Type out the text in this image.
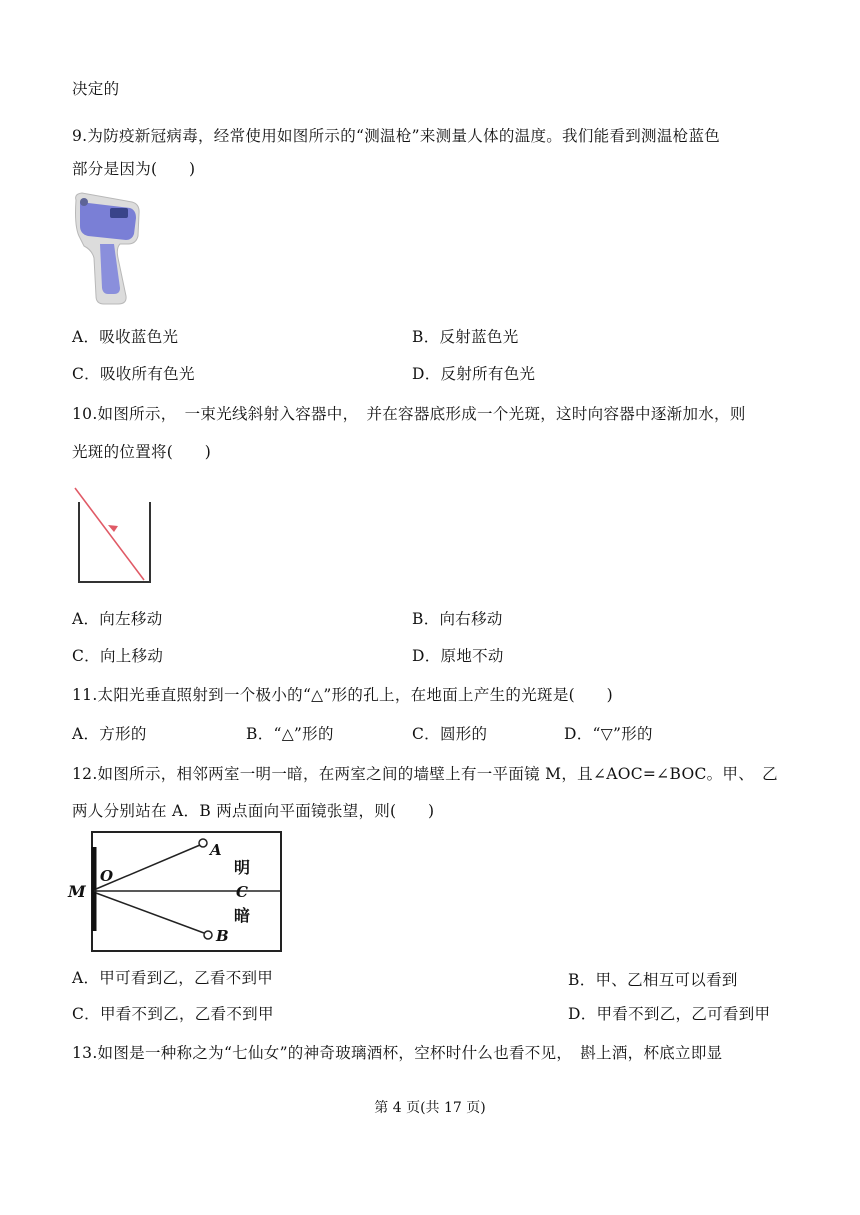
决定的
9.为防疫新冠病毒，经常使用如图所示的“测温枪”来测量人体的温度。我们能看到测温枪蓝色
部分是因为(　　)
A．吸收蓝色光	B．反射蓝色光
C．吸收所有色光	D．反射所有色光
10.如图所示，　一束光线斜射入容器中，　并在容器底形成一个光斑，这时向容器中逐渐加水，则
光斑的位置将(　　)
A．向左移动	B．向右移动
C．向上移动	D．原地不动
11.太阳光垂直照射到一个极小的“△”形的孔上，在地面上产生的光斑是(　　)
A．方形的	B．“△”形的	C．圆形的	D．“▽”形的
12.如图所示，相邻两室一明一暗，在两室之间的墙壁上有一平面镜 M，且∠AOC=∠BOC。甲、　乙
两人分别站在 A．B 两点面向平面镜张望，则(　　)
M
O
A
B
C
明
暗
A．甲可看到乙，乙看不到甲	B．甲、乙相互可以看到
C．甲看不到乙，乙看不到甲	D．甲看不到乙，乙可看到甲
13.如图是一种称之为“七仙女”的神奇玻璃酒杯，空杯时什么也看不见，　斟上酒，杯底立即显
第 4 页(共 17 页)
